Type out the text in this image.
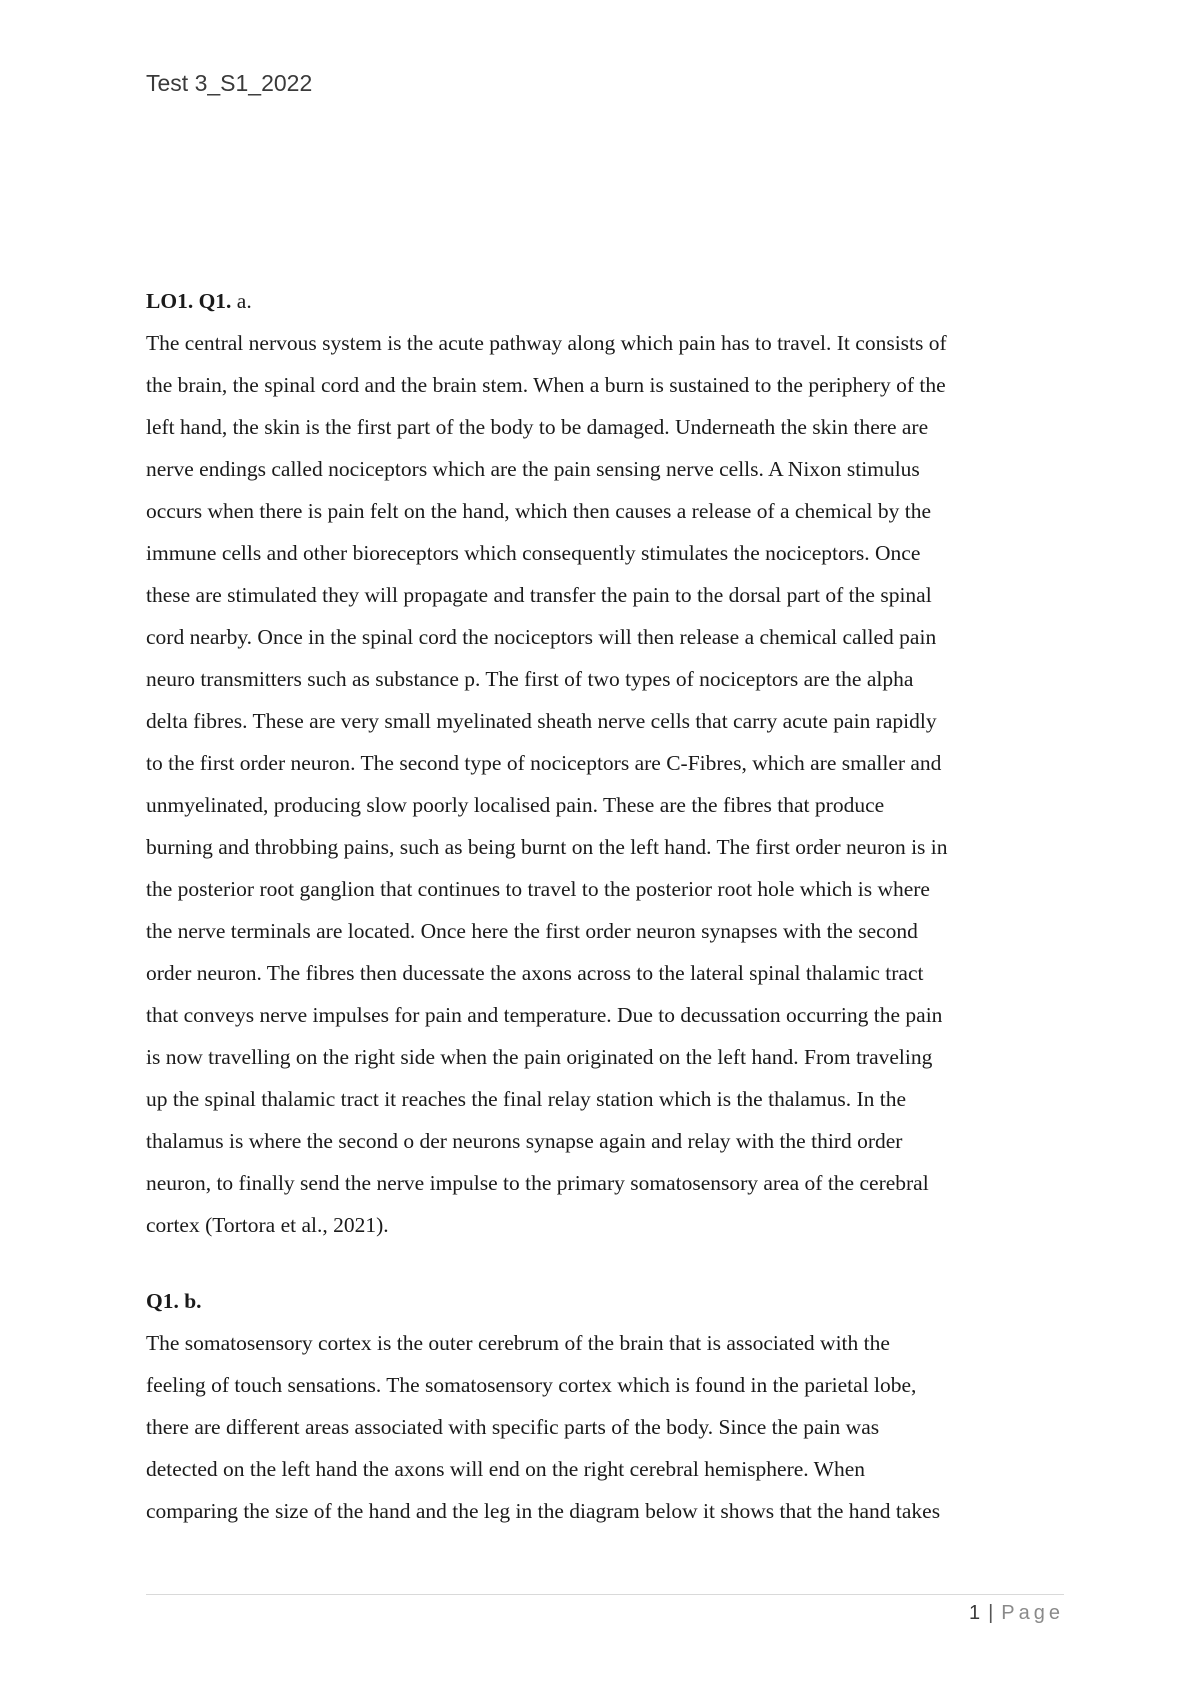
Test 3_S1_2022

LO1. Q1. a.

The central nervous system is the acute pathway along which pain has to travel. It consists of
the brain, the spinal cord and the brain stem. When a burn is sustained to the periphery of the
left hand, the skin is the first part of the body to be damaged. Underneath the skin there are
nerve endings called nociceptors which are the pain sensing nerve cells. A Nixon stimulus
occurs when there is pain felt on the hand, which then causes a release of a chemical by the
immune cells and other bioreceptors which consequently stimulates the nociceptors. Once
these are stimulated they will propagate and transfer the pain to the dorsal part of the spinal
cord nearby. Once in the spinal cord the nociceptors will then release a chemical called pain
neuro transmitters such as substance p. The first of two types of nociceptors are the alpha
delta fibres. These are very small myelinated sheath nerve cells that carry acute pain rapidly
to the first order neuron. The second type of nociceptors are C-Fibres, which are smaller and
unmyelinated, producing slow poorly localised pain. These are the fibres that produce
burning and throbbing pains, such as being burnt on the left hand. The first order neuron is in
the posterior root ganglion that continues to travel to the posterior root hole which is where
the nerve terminals are located. Once here the first order neuron synapses with the second
order neuron. The fibres then ducessate the axons across to the lateral spinal thalamic tract
that conveys nerve impulses for pain and temperature. Due to decussation occurring the pain
is now travelling on the right side when the pain originated on the left hand. From traveling
up the spinal thalamic tract it reaches the final relay station which is the thalamus. In the
thalamus is where the second o der neurons synapse again and relay with the third order
neuron, to finally send the nerve impulse to the primary somatosensory area of the cerebral
cortex (Tortora et al., 2021).

Q1. b.

The somatosensory cortex is the outer cerebrum of the brain that is associated with the
feeling of touch sensations. The somatosensory cortex which is found in the parietal lobe,
there are different areas associated with specific parts of the body. Since the pain was
detected on the left hand the axons will end on the right cerebral hemisphere. When
comparing the size of the hand and the leg in the diagram below it shows that the hand takes
1 | Page
